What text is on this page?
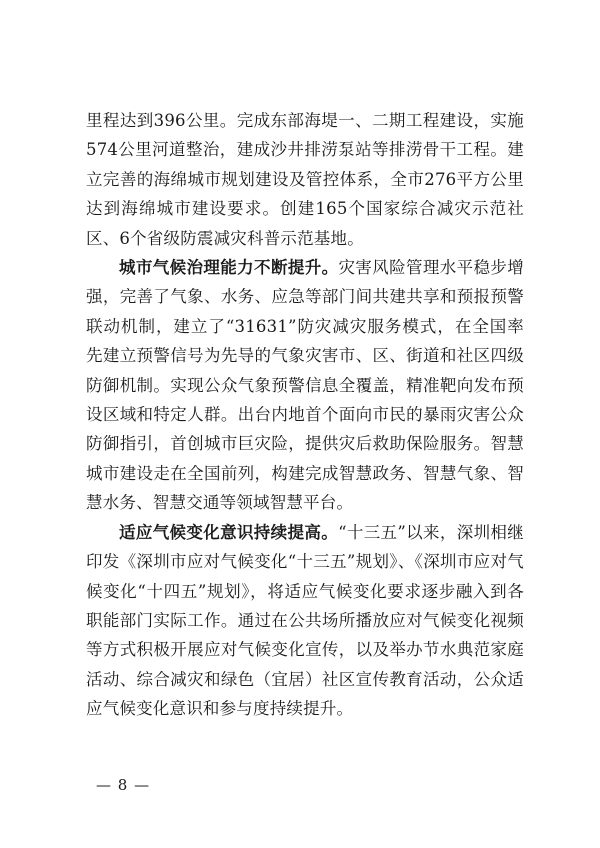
里程达到396公里。完成东部海堤一、二期工程建设，实施574公里河道整治，建成沙井排涝泵站等排涝骨干工程。建立完善的海绵城市规划建设及管控体系，全市276平方公里达到海绵城市建设要求。创建165个国家综合减灾示范社区、6个省级防震减灾科普示范基地。

城市气候治理能力不断提升。灾害风险管理水平稳步增强，完善了气象、水务、应急等部门间共建共享和预报预警联动机制，建立了“31631”防灾减灾服务模式，在全国率先建立预警信号为先导的气象灾害市、区、街道和社区四级防御机制。实现公众气象预警信息全覆盖，精准靶向发布预设区域和特定人群。出台内地首个面向市民的暴雨灾害公众防御指引，首创城市巨灾险，提供灾后救助保险服务。智慧城市建设走在全国前列，构建完成智慧政务、智慧气象、智慧水务、智慧交通等领域智慧平台。

适应气候变化意识持续提高。“十三五”以来，深圳相继印发《深圳市应对气候变化“十三五”规划》、《深圳市应对气候变化“十四五”规划》，将适应气候变化要求逐步融入到各职能部门实际工作。通过在公共场所播放应对气候变化视频等方式积极开展应对气候变化宣传，以及举办节水典范家庭活动、综合减灾和绿色（宜居）社区宣传教育活动，公众适应气候变化意识和参与度持续提升。

— 8 —
